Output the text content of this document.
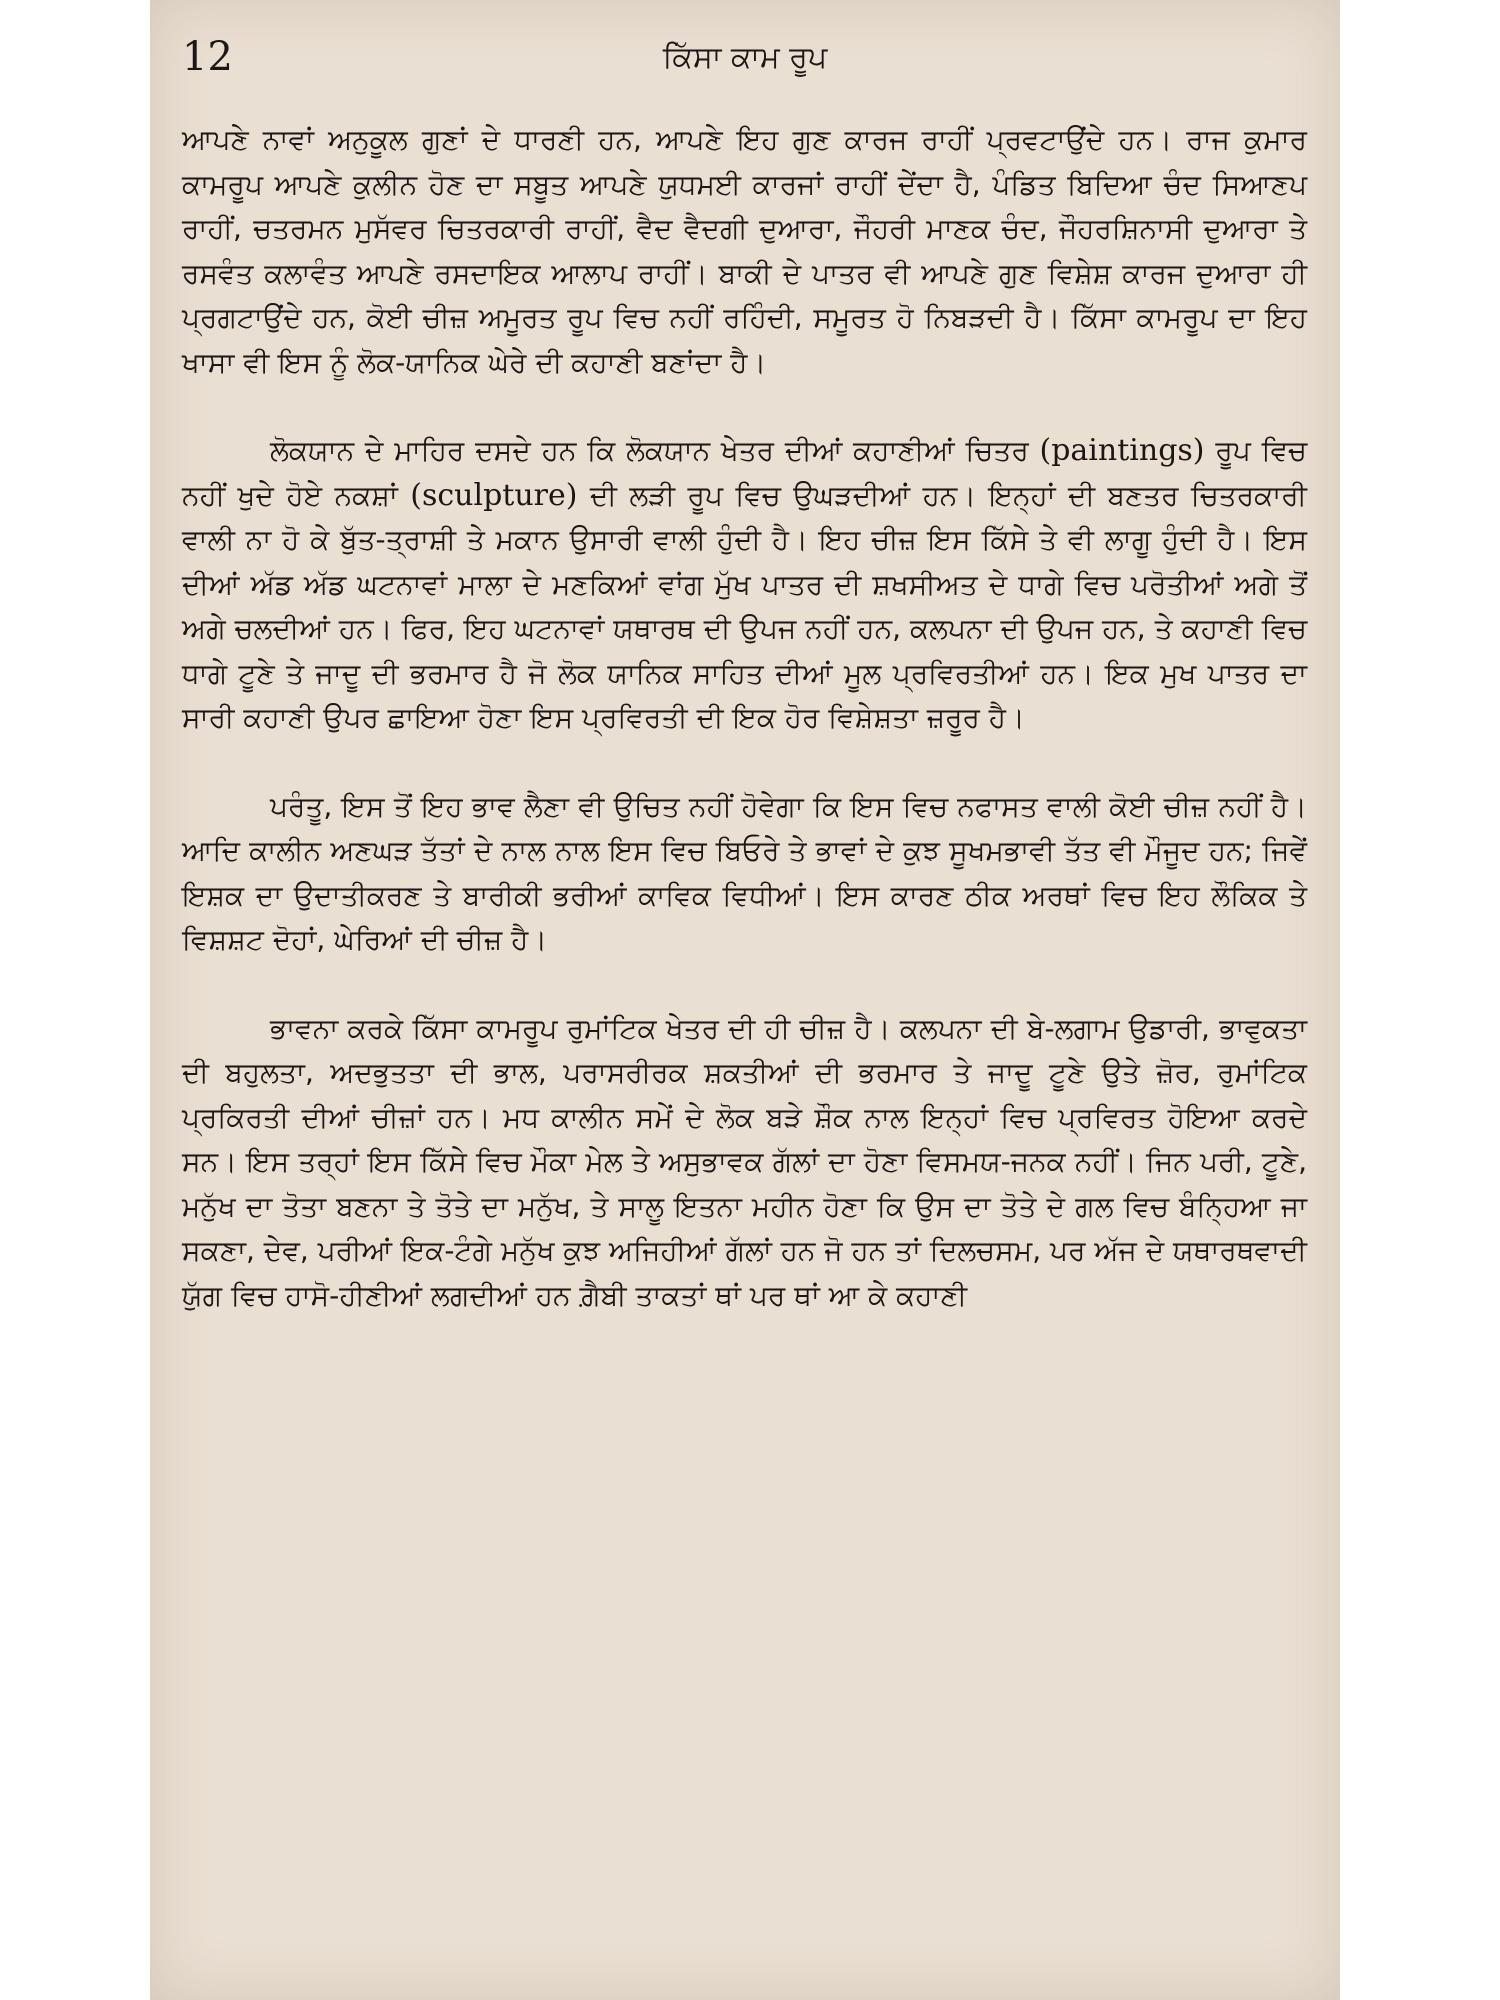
12	ਕਿੱਸਾ ਕਾਮ ਰੂਪ

ਆਪਣੇ ਨਾਵਾਂ ਅਨੁਕੂਲ ਗੁਣਾਂ ਦੇ ਧਾਰਣੀ ਹਨ, ਆਪਣੇ ਇਹ ਗੁਣ ਕਾਰਜ ਰਾਹੀਂ ਪ੍ਰਵਟਾਉਂਦੇ ਹਨ। ਰਾਜ ਕੁਮਾਰ ਕਾਮਰੂਪ ਆਪਣੇ ਕੁਲੀਨ ਹੋਣ ਦਾ ਸਬੂਤ ਆਪਣੇ ਯੁਧਮਈ ਕਾਰਜਾਂ ਰਾਹੀਂ ਦੇਂਦਾ ਹੈ, ਪੰਡਿਤ ਬਿਦਿਆ ਚੰਦ ਸਿਆਣਪ ਰਾਹੀਂ, ਚਤਰਮਨ ਮੁਸੱਵਰ ਚਿਤਰਕਾਰੀ ਰਾਹੀਂ, ਵੈਦ ਵੈਦਗੀ ਦੁਆਰਾ, ਜੌਹਰੀ ਮਾਣਕ ਚੰਦ, ਜੌਹਰਸ਼ਿਨਾਸੀ ਦੁਆਰਾ ਤੇ ਰਸਵੰਤ ਕਲਾਵੰਤ ਆਪਣੇ ਰਸਦਾਇਕ ਆਲਾਪ ਰਾਹੀਂ। ਬਾਕੀ ਦੇ ਪਾਤਰ ਵੀ ਆਪਣੇ ਗੁਣ ਵਿਸ਼ੇਸ਼ ਕਾਰਜ ਦੁਆਰਾ ਹੀ ਪ੍ਰਗਟਾਉਂਦੇ ਹਨ, ਕੋਈ ਚੀਜ਼ ਅਮੂਰਤ ਰੂਪ ਵਿਚ ਨਹੀਂ ਰਹਿੰਦੀ, ਸਮੂਰਤ ਹੋ ਨਿਬੜਦੀ ਹੈ। ਕਿੱਸਾ ਕਾਮਰੂਪ ਦਾ ਇਹ ਖਾਸਾ ਵੀ ਇਸ ਨੂੰ ਲੋਕ-ਯਾਨਿਕ ਘੇਰੇ ਦੀ ਕਹਾਣੀ ਬਣਾਂਦਾ ਹੈ।

ਲੋਕਯਾਨ ਦੇ ਮਾਹਿਰ ਦਸਦੇ ਹਨ ਕਿ ਲੋਕਯਾਨ ਖੇਤਰ ਦੀਆਂ ਕਹਾਣੀਆਂ ਚਿਤਰ (paintings) ਰੂਪ ਵਿਚ ਨਹੀਂ ਖੁਦੇ ਹੋਏ ਨਕਸ਼ਾਂ (sculpture) ਦੀ ਲੜੀ ਰੂਪ ਵਿਚ ਉਘੜਦੀਆਂ ਹਨ। ਇਨ੍ਹਾਂ ਦੀ ਬਣਤਰ ਚਿਤਰਕਾਰੀ ਵਾਲੀ ਨਾ ਹੋ ਕੇ ਬੁੱਤ-ਤ੍ਰਾਸ਼ੀ ਤੇ ਮਕਾਨ ਉਸਾਰੀ ਵਾਲੀ ਹੁੰਦੀ ਹੈ। ਇਹ ਚੀਜ਼ ਇਸ ਕਿੱਸੇ ਤੇ ਵੀ ਲਾਗੂ ਹੁੰਦੀ ਹੈ। ਇਸ ਦੀਆਂ ਅੱਡ ਅੱਡ ਘਟਨਾਵਾਂ ਮਾਲਾ ਦੇ ਮਣਕਿਆਂ ਵਾਂਗ ਮੁੱਖ ਪਾਤਰ ਦੀ ਸ਼ਖਸੀਅਤ ਦੇ ਧਾਗੇ ਵਿਚ ਪਰੋਤੀਆਂ ਅਗੇ ਤੋਂ ਅਗੇ ਚਲਦੀਆਂ ਹਨ। ਫਿਰ, ਇਹ ਘਟਨਾਵਾਂ ਯਥਾਰਥ ਦੀ ਉਪਜ ਨਹੀਂ ਹਨ, ਕਲਪਨਾ ਦੀ ਉਪਜ ਹਨ, ਤੇ ਕਹਾਣੀ ਵਿਚ ਧਾਗੇ ਟੂਣੇ ਤੇ ਜਾਦੂ ਦੀ ਭਰਮਾਰ ਹੈ ਜੋ ਲੋਕ ਯਾਨਿਕ ਸਾਹਿਤ ਦੀਆਂ ਮੂਲ ਪ੍ਰਵਿਰਤੀਆਂ ਹਨ। ਇਕ ਮੁਖ ਪਾਤਰ ਦਾ ਸਾਰੀ ਕਹਾਣੀ ਉਪਰ ਛਾਇਆ ਹੋਣਾ ਇਸ ਪ੍ਰਵਿਰਤੀ ਦੀ ਇਕ ਹੋਰ ਵਿਸ਼ੇਸ਼ਤਾ ਜ਼ਰੂਰ ਹੈ।

ਪਰੰਤੂ, ਇਸ ਤੋਂ ਇਹ ਭਾਵ ਲੈਣਾ ਵੀ ਉਚਿਤ ਨਹੀਂ ਹੋਵੇਗਾ ਕਿ ਇਸ ਵਿਚ ਨਫਾਸਤ ਵਾਲੀ ਕੋਈ ਚੀਜ਼ ਨਹੀਂ ਹੈ। ਆਦਿ ਕਾਲੀਨ ਅਣਘੜ ਤੱਤਾਂ ਦੇ ਨਾਲ ਨਾਲ ਇਸ ਵਿਚ ਬਿਓਰੇ ਤੇ ਭਾਵਾਂ ਦੇ ਕੁਝ ਸੂਖਮਭਾਵੀ ਤੱਤ ਵੀ ਮੌਜੂਦ ਹਨ; ਜਿਵੇਂ ਇਸ਼ਕ ਦਾ ਉਦਾਤੀਕਰਣ ਤੇ ਬਾਰੀਕੀ ਭਰੀਆਂ ਕਾਵਿਕ ਵਿਧੀਆਂ। ਇਸ ਕਾਰਣ ਠੀਕ ਅਰਥਾਂ ਵਿਚ ਇਹ ਲੌਕਿਕ ਤੇ ਵਿਸ਼ਸ਼ਟ ਦੋਹਾਂ, ਘੇਰਿਆਂ ਦੀ ਚੀਜ਼ ਹੈ।

ਭਾਵਨਾ ਕਰਕੇ ਕਿੱਸਾ ਕਾਮਰੂਪ ਰੁਮਾਂਟਿਕ ਖੇਤਰ ਦੀ ਹੀ ਚੀਜ਼ ਹੈ। ਕਲਪਨਾ ਦੀ ਬੇ-ਲਗਾਮ ਉਡਾਰੀ, ਭਾਵੁਕਤਾ ਦੀ ਬਹੁਲਤਾ, ਅਦਭੁਤਤਾ ਦੀ ਭਾਲ, ਪਰਾਸਰੀਰਕ ਸ਼ਕਤੀਆਂ ਦੀ ਭਰਮਾਰ ਤੇ ਜਾਦੂ ਟੂਣੇ ਉਤੇ ਜ਼ੋਰ, ਰੁਮਾਂਟਿਕ ਪ੍ਰਕਿਰਤੀ ਦੀਆਂ ਚੀਜ਼ਾਂ ਹਨ। ਮਧ ਕਾਲੀਨ ਸਮੇਂ ਦੇ ਲੋਕ ਬੜੇ ਸ਼ੌਕ ਨਾਲ ਇਨ੍ਹਾਂ ਵਿਚ ਪ੍ਰਵਿਰਤ ਹੋਇਆ ਕਰਦੇ ਸਨ। ਇਸ ਤਰ੍ਹਾਂ ਇਸ ਕਿੱਸੇ ਵਿਚ ਮੌਕਾ ਮੇਲ ਤੇ ਅਸੁਭਾਵਕ ਗੱਲਾਂ ਦਾ ਹੋਣਾ ਵਿਸਮਯ-ਜਨਕ ਨਹੀਂ। ਜਿਨ ਪਰੀ, ਟੂਣੇ, ਮਨੁੱਖ ਦਾ ਤੋਤਾ ਬਣਨਾ ਤੇ ਤੋਤੇ ਦਾ ਮਨੁੱਖ, ਤੇ ਸਾਲੂ ਇਤਨਾ ਮਹੀਨ ਹੋਣਾ ਕਿ ਉਸ ਦਾ ਤੋਤੇ ਦੇ ਗਲ ਵਿਚ ਬੰਨ੍ਹਿਆ ਜਾ ਸਕਣਾ, ਦੇਵ, ਪਰੀਆਂ ਇਕ-ਟੰਗੇ ਮਨੁੱਖ ਕੁਝ ਅਜਿਹੀਆਂ ਗੱਲਾਂ ਹਨ ਜੋ ਹਨ ਤਾਂ ਦਿਲਚਸਮ, ਪਰ ਅੱਜ ਦੇ ਯਥਾਰਥਵਾਦੀ ਯੁੱਗ ਵਿਚ ਹਾਸੋ-ਹੀਣੀਆਂ ਲਗਦੀਆਂ ਹਨ ਗ਼ੈਬੀ ਤਾਕਤਾਂ ਥਾਂ ਪਰ ਥਾਂ ਆ ਕੇ ਕਹਾਣੀ
